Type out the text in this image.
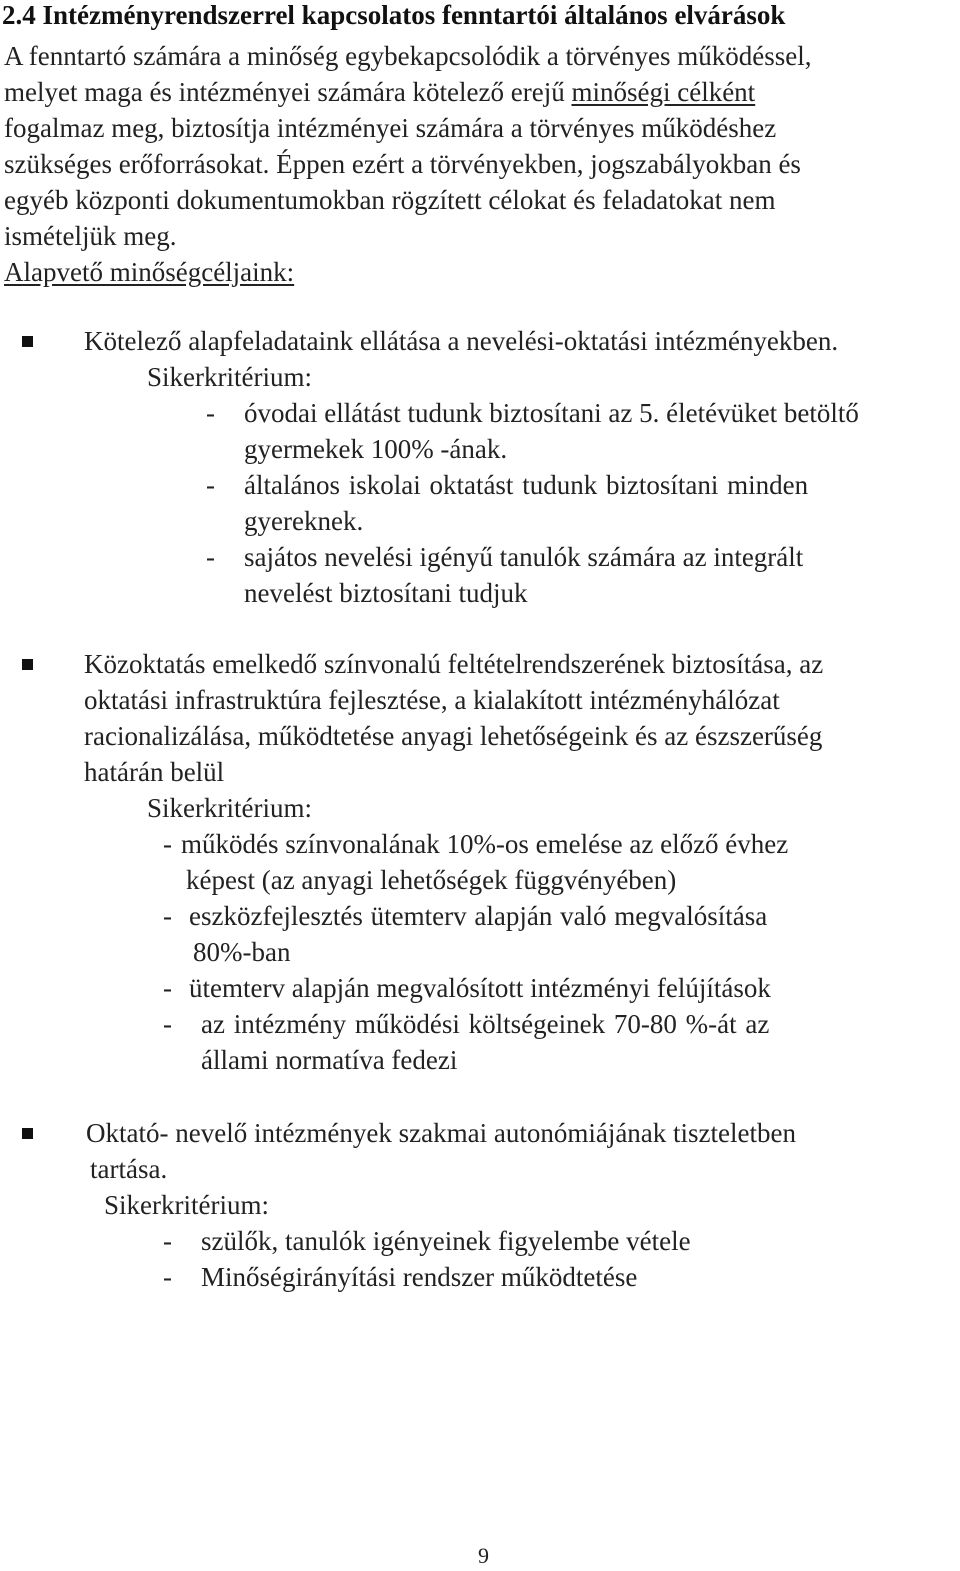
2.4 Intézményrendszerrel kapcsolatos fenntartói általános elvárások
A fenntartó számára a minőség egybekapcsolódik a törvényes működéssel,
melyet maga és intézményei számára kötelező erejű minőségi célként
fogalmaz meg, biztosítja intézményei számára a törvényes működéshez
szükséges erőforrásokat. Éppen ezért a törvényekben, jogszabályokban és
egyéb központi dokumentumokban rögzített célokat és feladatokat nem
ismételjük meg.
Alapvető minőségcéljaink:
Kötelező alapfeladataink ellátása a nevelési-oktatási intézményekben.
Sikerkritérium:
- óvodai ellátást tudunk biztosítani az 5. életévüket betöltő
gyermekek 100% -ának.
- általános iskolai oktatást tudunk biztosítani minden
gyereknek.
- sajátos nevelési igényű tanulók számára az integrált
nevelést biztosítani tudjuk
Közoktatás emelkedő színvonalú feltételrendszerének biztosítása, az
oktatási infrastruktúra fejlesztése, a kialakított intézményhálózat
racionalizálása, működtetése anyagi lehetőségeink és az észszerűség
határán belül
Sikerkritérium:
- működés színvonalának 10%-os emelése az előző évhez
képest (az anyagi lehetőségek függvényében)
- eszközfejlesztés ütemterv alapján való megvalósítása
80%-ban
- ütemterv alapján megvalósított intézményi felújítások
- az intézmény működési költségeinek 70-80 %-át az
állami normatíva fedezi
Oktató- nevelő intézmények szakmai autonómiájának tiszteletben
tartása.
Sikerkritérium:
- szülők, tanulók igényeinek figyelembe vétele
- Minőségirányítási rendszer működtetése
9
